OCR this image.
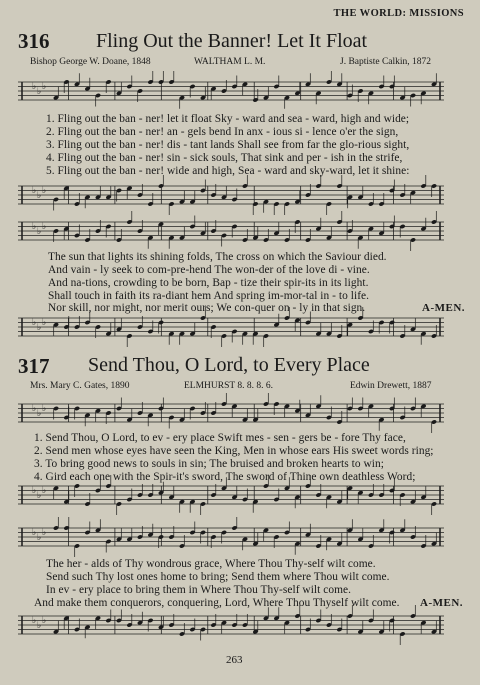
THE WORLD: MISSIONS
316 Fling Out the Banner! Let It Float
Bishop George W. Doane, 1848	WALTHAM L. M.	J. Baptiste Calkin, 1872
♭ ♭ ♭
1. Fling out the ban - ner! let it float Sky - ward and sea - ward, high and wide;
2. Fling out the ban - ner! an - gels bend In anx - ious si - lence o'er the sign,
3. Fling out the ban - ner! dis - tant lands Shall see from far the glo-rious sight,
4. Fling out the ban - ner! sin - sick souls, That sink and per - ish in the strife,
5. Fling out the ban - ner! wide and high, Sea - ward and sky-ward, let it shine:
♭ ♭ ♭
♭ ♭ ♭
The sun that lights its shining folds, The cross on which the Saviour died.
And vain - ly seek to com-pre-hend The won-der of the love di - vine.
And na-tions, crowding to be born, Bap - tize their spir-its in its light.
Shall touch in faith its ra-diant hem And spring im-mor-tal in - to life.
Nor skill, nor might, nor merit ours; We con-quer on - ly in that sign.	A-MEN.
♭ ♭ ♭
317 Send Thou, O Lord, to Every Place
Mrs. Mary C. Gates, 1890	ELMHURST 8. 8. 8. 6.	Edwin Drewett, 1887
♭ ♭ ♭
1. Send Thou, O Lord, to ev - ery place Swift mes - sen - gers be - fore Thy face,
2. Send men whose eyes have seen the King, Men in whose ears His sweet words ring;
3. To bring good news to souls in sin; The bruised and broken hearts to win;
4. Gird each one with the Spir-it's sword, The sword of Thine own deathless Word;
♭ ♭ ♭
♭ ♭ ♭
The her - alds of Thy wondrous grace, Where Thou Thy-self wilt come.
Send such Thy lost ones home to bring; Send them where Thou wilt come.
In ev - ery place to bring them in Where Thou Thy-self wilt come.
And make them conquerors, conquering, Lord, Where Thou Thyself wilt come. A-MEN.
♭ ♭ ♭
263
